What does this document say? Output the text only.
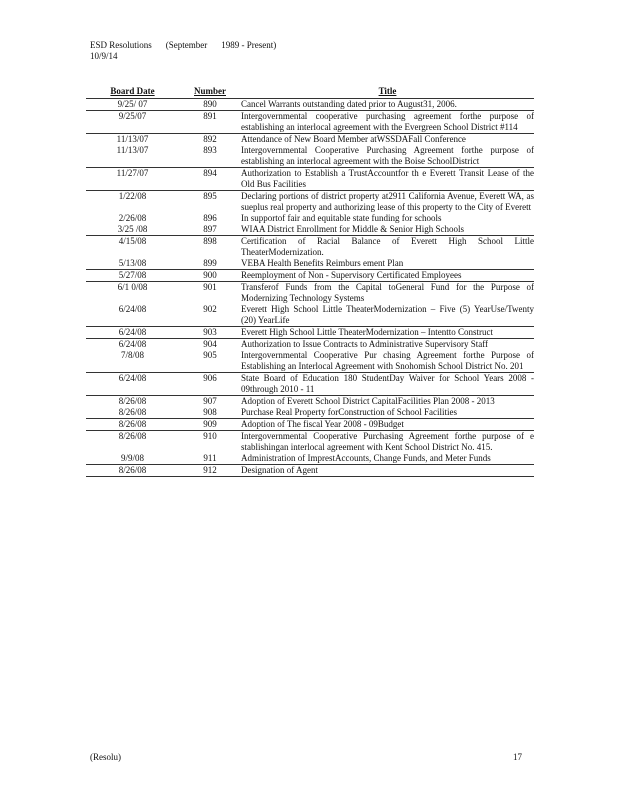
ESD Resolutions (September 1989 - Present)
10/9/14
Board Date	Number	Title
9/25/ 07	890	Cancel Warrants outstanding dated prior to August31, 2006.
9/25/07	891	Intergovernmental cooperative purchasing agreement forthe purpose of establishing an interlocal agreement with the Evergreen School District #114
11/13/07	892	Attendance of New Board Member atWSSDAFall Conference
11/13/07	893	Intergovernmental Cooperative Purchasing Agreement forthe purpose of establishing an interlocal agreement with the Boise SchoolDistrict
11/27/07	894	Authorization to Establish a TrustAccountfor th e Everett Transit Lease of the Old Bus Facilities
1/22/08	895	Declaring portions of district property at2911 California Avenue, Everett WA, as sueplus real property and authorizing lease of this property to the City of Everett
2/26/08	896	In supportof fair and equitable state funding for schools
3/25 /08	897	WIAA District Enrollment for Middle & Senior High Schools
4/15/08	898	Certification of Racial Balance of Everett High School Little TheaterModernization.
5/13/08	899	VEBA Health Benefits Reimburs ement Plan
5/27/08	900	Reemployment of Non - Supervisory Certificated Employees
6/1 0/08	901	Transferof Funds from the Capital toGeneral Fund for the Purpose of Modernizing Technology Systems
6/24/08	902	Everett High School Little TheaterModernization – Five (5) YearUse/Twenty (20) YearLife
6/24/08	903	Everett High School Little TheaterModernization – Intentto Construct
6/24/08	904	Authorization to Issue Contracts to Administrative Supervisory Staff
7/8/08	905	Intergovernmental Cooperative Pur chasing Agreement forthe Purpose of Establishing an Interlocal Agreement with Snohomish School District No. 201
6/24/08	906	State Board of Education 180 StudentDay Waiver for School Years 2008 - 09through 2010 - 11
8/26/08	907	Adoption of Everett School District CapitalFacilities Plan 2008 - 2013
8/26/08	908	Purchase Real Property forConstruction of School Facilities
8/26/08	909	Adoption of The fiscal Year 2008 - 09Budget
8/26/08	910	Intergovernmental Cooperative Purchasing Agreement forthe purpose of e stablishingan interlocal agreement with Kent School District No. 415.
9/9/08	911	Administration of ImprestAccounts, Change Funds, and Meter Funds
8/26/08	912	Designation of Agent
(Resolu)	17
